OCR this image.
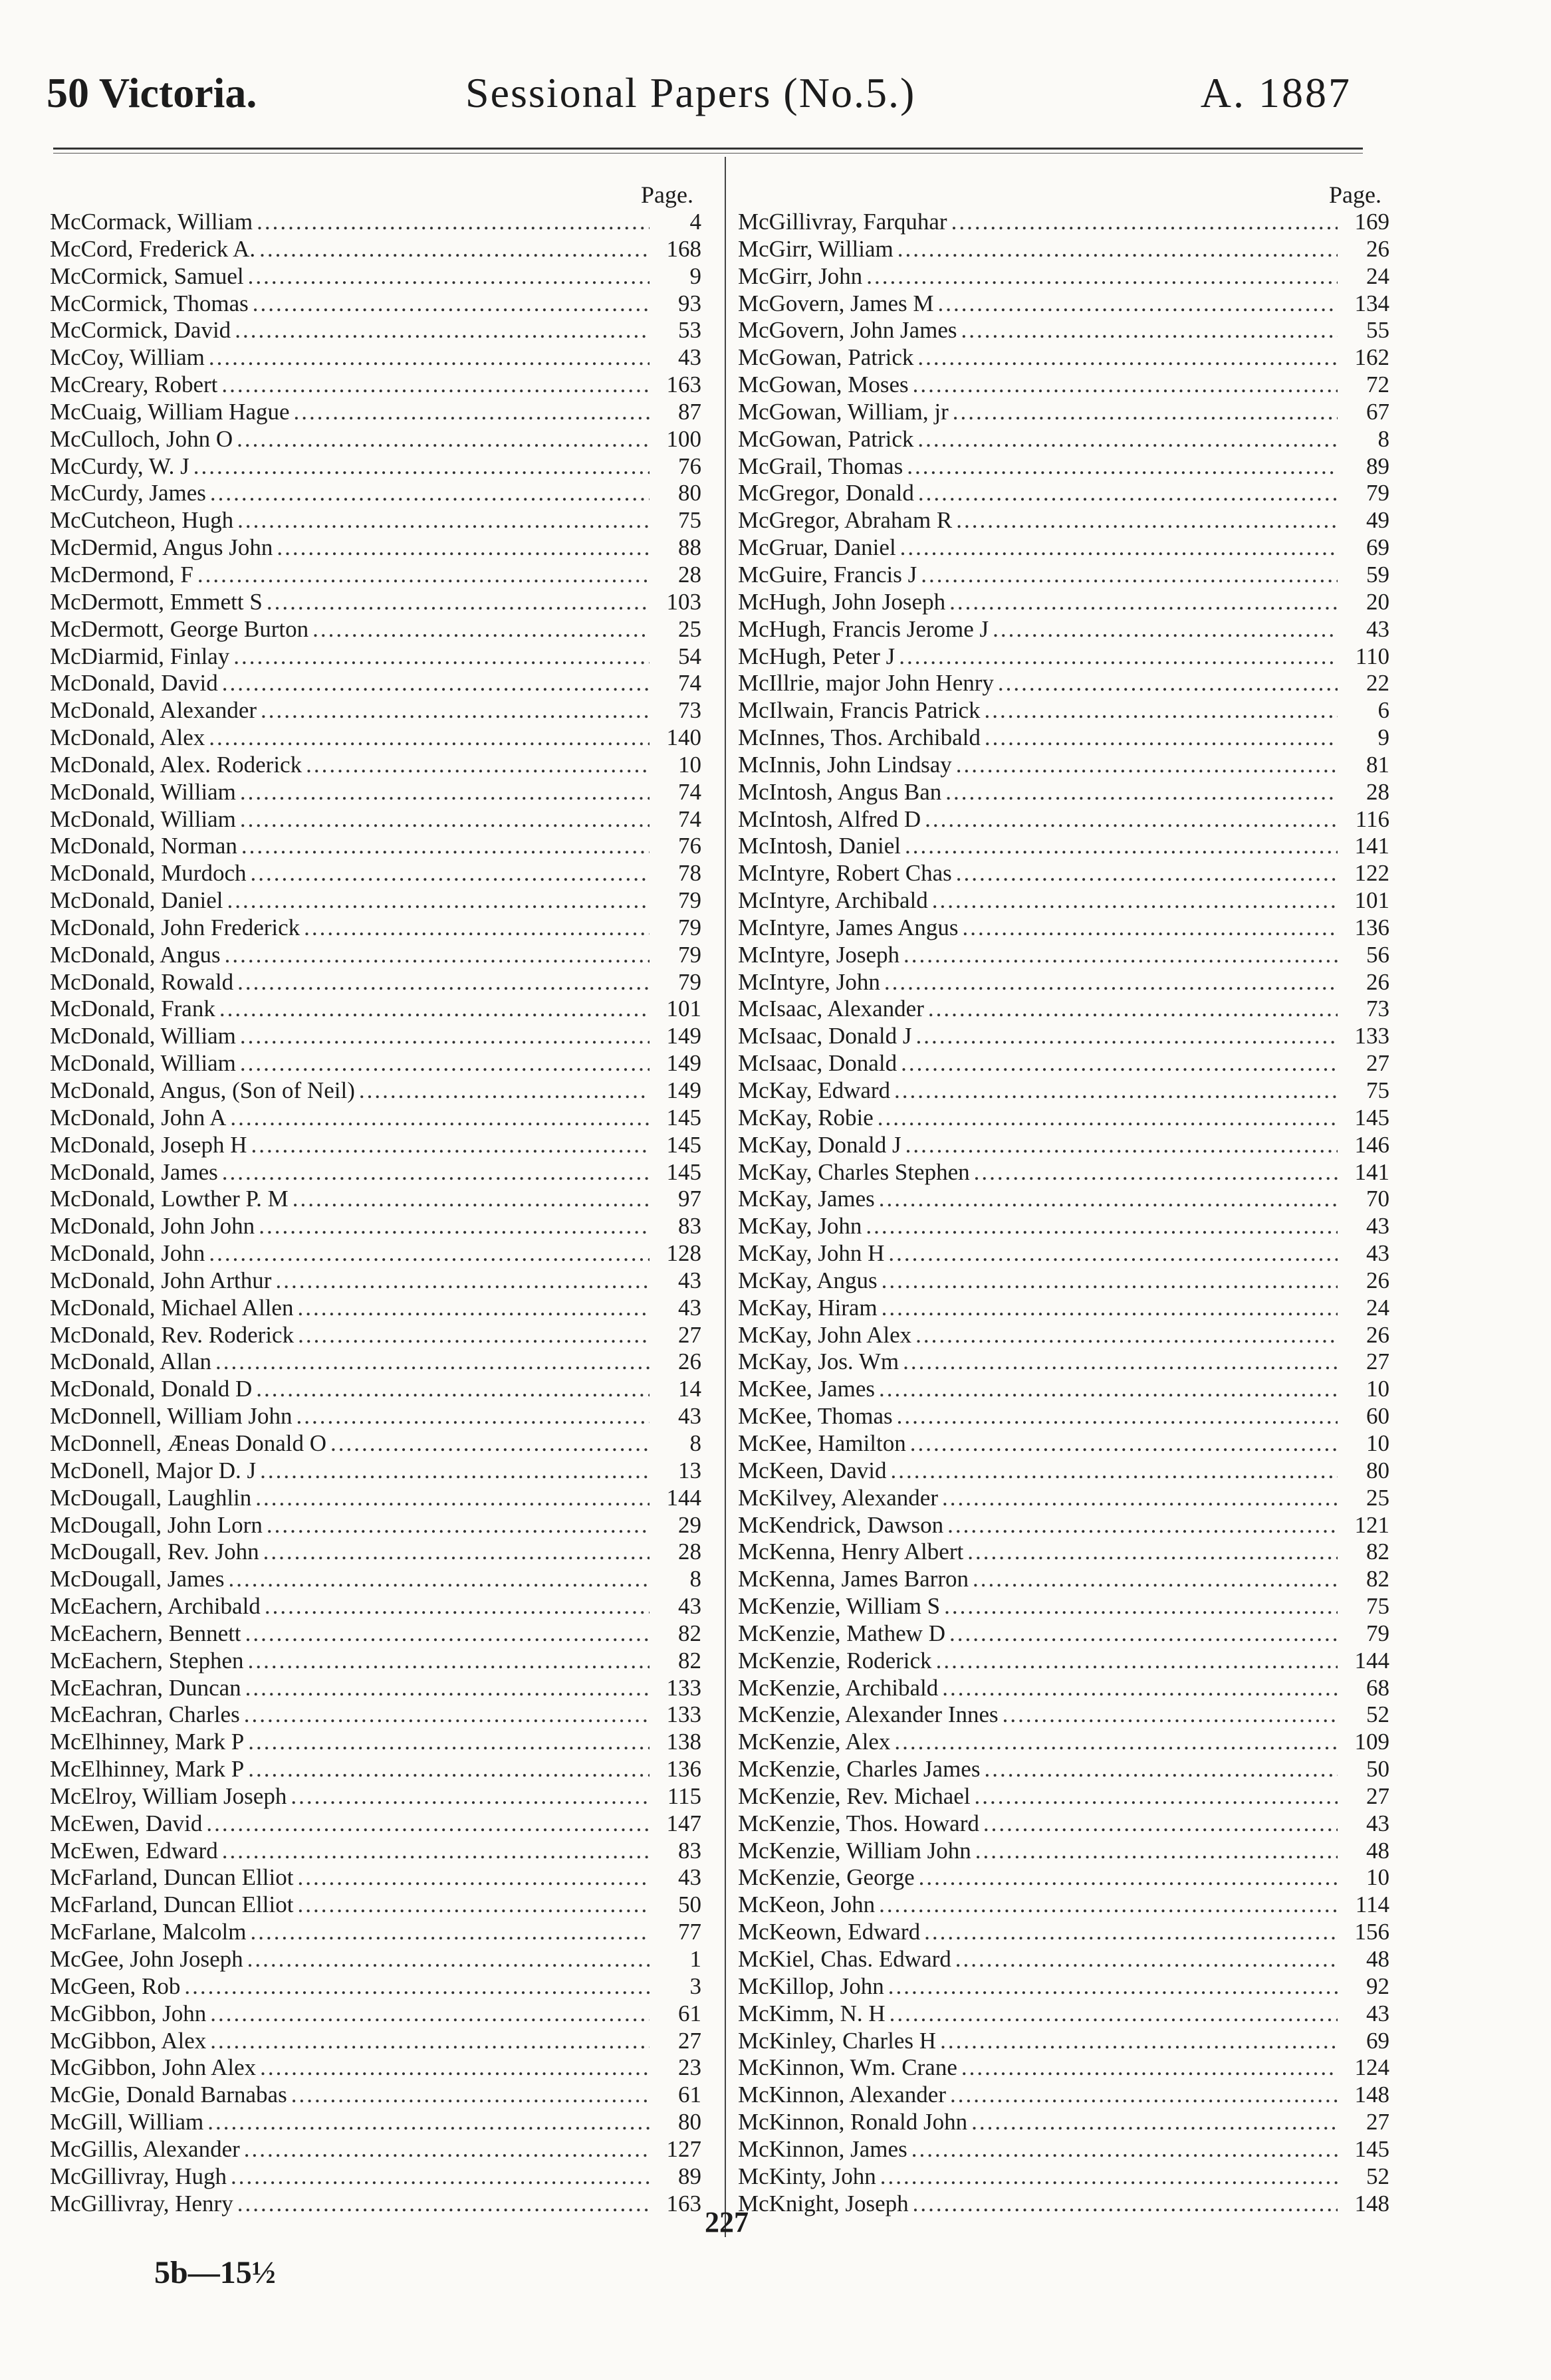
50 Victoria.	Sessional Papers (No.5.)	A. 1887
Page.
McCormack, William .....	4
McCord, Frederick A. .....	168
McCormick, Samuel .....	9
McCormick, Thomas .....	93
McCormick, David .....	53
McCoy, William .....	43
McCreary, Robert .....	163
McCuaig, William Hague .....	87
McCulloch, John O .....	100
McCurdy, W. J .....	76
McCurdy, James .....	80
McCutcheon, Hugh .....	75
McDermid, Angus John .....	88
McDermond, F .....	28
McDermott, Emmett S .....	103
McDermott, George Burton .....	25
McDiarmid, Finlay .....	54
McDonald, David .....	74
McDonald, Alexander .....	73
McDonald, Alex .....	140
McDonald, Alex. Roderick .....	10
McDonald, William .....	74
McDonald, William .....	74
McDonald, Norman .....	76
McDonald, Murdoch .....	78
McDonald, Daniel .....	79
McDonald, John Frederick .....	79
McDonald, Angus .....	79
McDonald, Rowald .....	79
McDonald, Frank .....	101
McDonald, William .....	149
McDonald, William .....	149
McDonald, Angus, (Son of Neil) .....	149
McDonald, John A .....	145
McDonald, Joseph H .....	145
McDonald, James .....	145
McDonald, Lowther P. M .....	97
McDonald, John John .....	83
McDonald, John .....	128
McDonald, John Arthur .....	43
McDonald, Michael Allen .....	43
McDonald, Rev. Roderick .....	27
McDonald, Allan .....	26
McDonald, Donald D .....	14
McDonnell, William John .....	43
McDonnell, Æneas Donald O .....	8
McDonell, Major D. J .....	13
McDougall, Laughlin .....	144
McDougall, John Lorn .....	29
McDougall, Rev. John .....	28
McDougall, James .....	8
McEachern, Archibald .....	43
McEachern, Bennett .....	82
McEachern, Stephen .....	82
McEachran, Duncan .....	133
McEachran, Charles .....	133
McElhinney, Mark P .....	138
McElhinney, Mark P .....	136
McElroy, William Joseph .....	115
McEwen, David .....	147
McEwen, Edward .....	83
McFarland, Duncan Elliot .....	43
McFarland, Duncan Elliot .....	50
McFarlane, Malcolm .....	77
McGee, John Joseph .....	1
McGeen, Rob .....	3
McGibbon, John .....	61
McGibbon, Alex .....	27
McGibbon, John Alex .....	23
McGie, Donald Barnabas .....	61
McGill, William .....	80
McGillis, Alexander .....	127
McGillivray, Hugh .....	89
McGillivray, Henry .....	163
Page.
McGillivray, Farquhar .....	169
McGirr, William .....	26
McGirr, John .....	24
McGovern, James M .....	134
McGovern, John James .....	55
McGowan, Patrick .....	162
McGowan, Moses .....	72
McGowan, William, jr .....	67
McGowan, Patrick .....	8
McGrail, Thomas .....	89
McGregor, Donald .....	79
McGregor, Abraham R .....	49
McGruar, Daniel .....	69
McGuire, Francis J .....	59
McHugh, John Joseph .....	20
McHugh, Francis Jerome J .....	43
McHugh, Peter J .....	110
McIllrie, major John Henry .....	22
McIlwain, Francis Patrick .....	6
McInnes, Thos. Archibald .....	9
McInnis, John Lindsay .....	81
McIntosh, Angus Ban .....	28
McIntosh, Alfred D .....	116
McIntosh, Daniel .....	141
McIntyre, Robert Chas .....	122
McIntyre, Archibald .....	101
McIntyre, James Angus .....	136
McIntyre, Joseph .....	56
McIntyre, John .....	26
McIsaac, Alexander .....	73
McIsaac, Donald J .....	133
McIsaac, Donald .....	27
McKay, Edward .....	75
McKay, Robie .....	145
McKay, Donald J .....	146
McKay, Charles Stephen .....	141
McKay, James .....	70
McKay, John .....	43
McKay, John H .....	43
McKay, Angus .....	26
McKay, Hiram .....	24
McKay, John Alex .....	26
McKay, Jos. Wm .....	27
McKee, James .....	10
McKee, Thomas .....	60
McKee, Hamilton .....	10
McKeen, David .....	80
McKilvey, Alexander .....	25
McKendrick, Dawson .....	121
McKenna, Henry Albert .....	82
McKenna, James Barron .....	82
McKenzie, William S .....	75
McKenzie, Mathew D .....	79
McKenzie, Roderick .....	144
McKenzie, Archibald .....	68
McKenzie, Alexander Innes .....	52
McKenzie, Alex .....	109
McKenzie, Charles James .....	50
McKenzie, Rev. Michael .....	27
McKenzie, Thos. Howard .....	43
McKenzie, William John .....	48
McKenzie, George .....	10
McKeon, John .....	114
McKeown, Edward .....	156
McKiel, Chas. Edward .....	48
McKillop, John .....	92
McKimm, N. H .....	43
McKinley, Charles H .....	69
McKinnon, Wm. Crane .....	124
McKinnon, Alexander .....	148
McKinnon, Ronald John .....	27
McKinnon, James .....	145
McKinty, John .....	52
McKnight, Joseph .....	148
227
5b—15½
